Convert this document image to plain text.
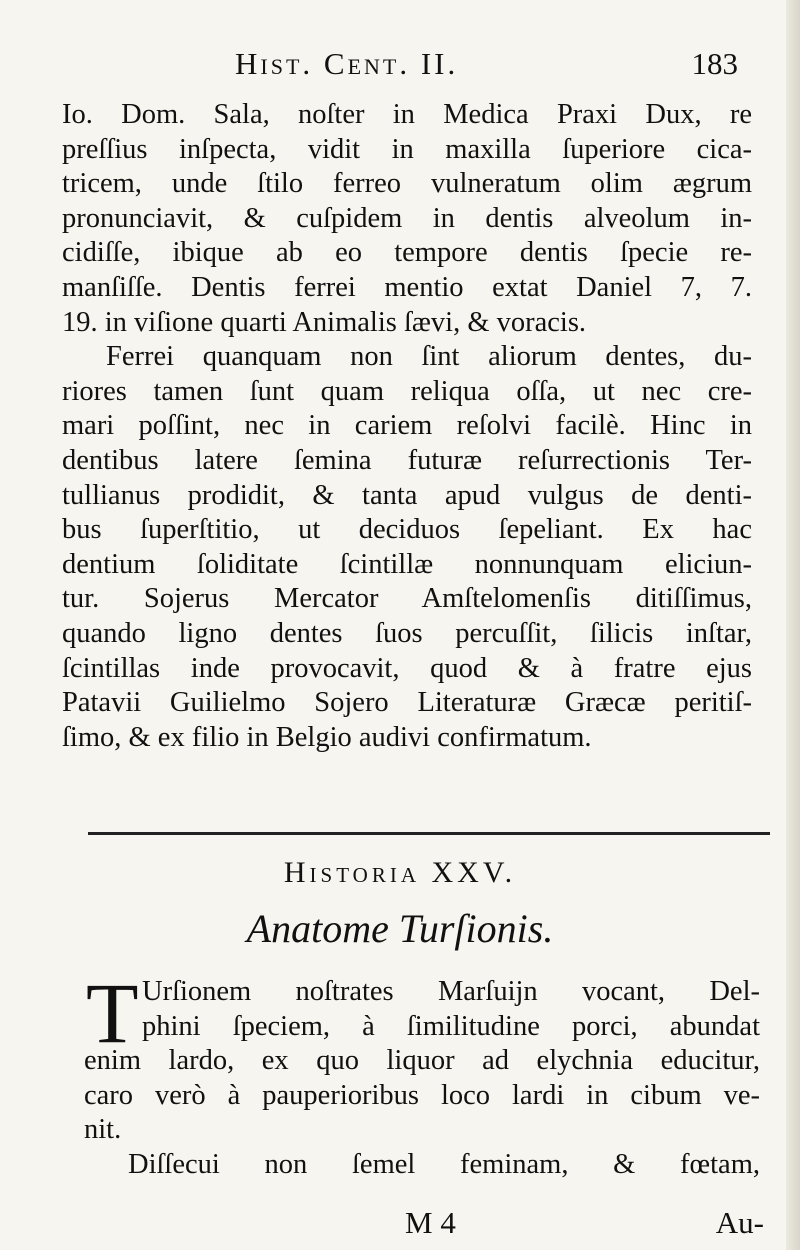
Hist. Cent. II.	183
Io. Dom. Sala, noſter in Medica Praxi Dux, re
preſſius inſpecta, vidit in maxilla ſuperiore cica-
tricem, unde ſtilo ferreo vulneratum olim ægrum
pronunciavit, & cuſpidem in dentis alveolum in-
cidiſſe, ibique ab eo tempore dentis ſpecie re-
manſiſſe. Dentis ferrei mentio extat Daniel 7, 7.
19. in viſione quarti Animalis ſævi, & voracis.
Ferrei quanquam non ſint aliorum dentes, du-
riores tamen ſunt quam reliqua oſſa, ut nec cre-
mari poſſint, nec in cariem reſolvi facilè. Hinc in
dentibus latere ſemina futuræ reſurrectionis Ter-
tullianus prodidit, & tanta apud vulgus de denti-
bus ſuperſtitio, ut deciduos ſepeliant. Ex hac
dentium ſoliditate ſcintillæ nonnunquam eliciun-
tur. Sojerus Mercator Amſtelomenſis ditiſſimus,
quando ligno dentes ſuos percuſſit, ſilicis inſtar,
ſcintillas inde provocavit, quod & à fratre ejus
Patavii Guilielmo Sojero Literaturæ Græcæ peritiſ-
ſimo, & ex filio in Belgio audivi confirmatum.
Historia XXV.
Anatome Turſionis.
T Urſionem noſtrates Marſuijn vocant, Del-
phini ſpeciem, à ſimilitudine porci, abundat
enim lardo, ex quo liquor ad elychnia educitur,
caro verò à pauperioribus loco lardi in cibum ve-
nit.
Diſſecui non ſemel feminam, & fœtam,
M 4	Au-
